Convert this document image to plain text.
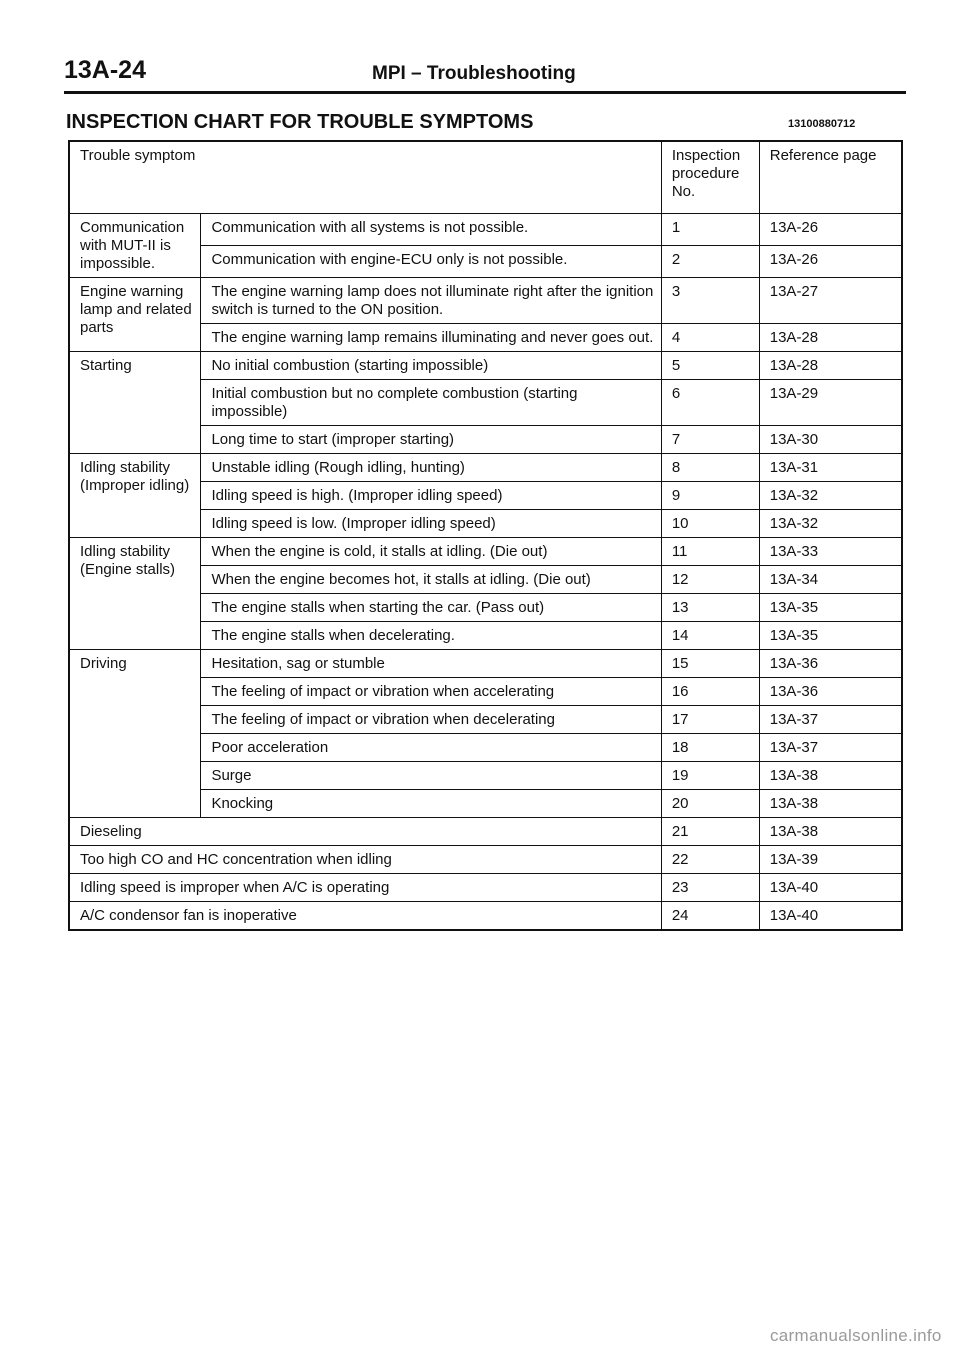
13A-24	MPI – Troubleshooting
INSPECTION CHART FOR TROUBLE SYMPTOMS	13100880712
Trouble symptom		Inspection procedure No.	Reference page
Communication with MUT-II is impossible.	Communication with all systems is not possible.	1	13A-26
	Communication with engine-ECU only is not possible.	2	13A-26
Engine warning lamp and related parts	The engine warning lamp does not illuminate right after the ignition switch is turned to the ON position.	3	13A-27
	The engine warning lamp remains illuminating and never goes out.	4	13A-28
Starting	No initial combustion (starting impossible)	5	13A-28
	Initial combustion but no complete combustion (starting impossible)	6	13A-29
	Long time to start (improper starting)	7	13A-30
Idling stability (Improper idling)	Unstable idling (Rough idling, hunting)	8	13A-31
	Idling speed is high. (Improper idling speed)	9	13A-32
	Idling speed is low. (Improper idling speed)	10	13A-32
Idling stability (Engine stalls)	When the engine is cold, it stalls at idling. (Die out)	11	13A-33
	When the engine becomes hot, it stalls at idling. (Die out)	12	13A-34
	The engine stalls when starting the car. (Pass out)	13	13A-35
	The engine stalls when decelerating.	14	13A-35
Driving	Hesitation, sag or stumble	15	13A-36
	The feeling of impact or vibration when accelerating	16	13A-36
	The feeling of impact or vibration when decelerating	17	13A-37
	Poor acceleration	18	13A-37
	Surge	19	13A-38
	Knocking	20	13A-38
Dieseling		21	13A-38
Too high CO and HC concentration when idling		22	13A-39
Idling speed is improper when A/C is operating		23	13A-40
A/C condensor fan is inoperative		24	13A-40
carmanualsonline.info
